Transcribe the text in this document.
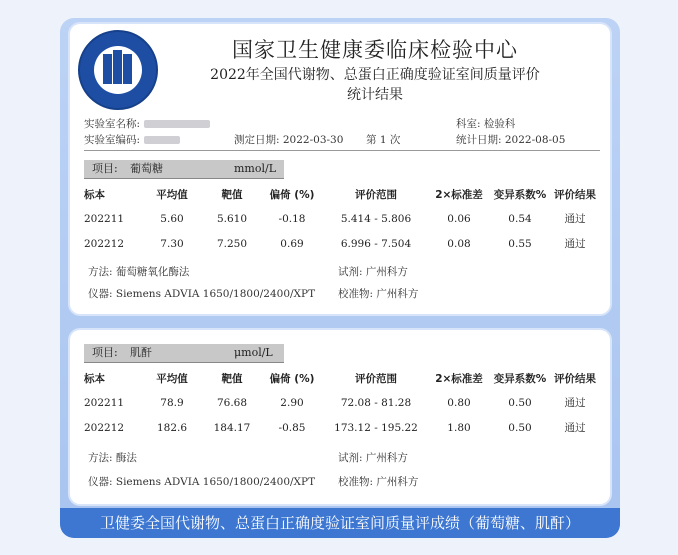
国家卫生健康委临床检验中心
2022年全国代谢物、总蛋白正确度验证室间质量评价
统计结果
实验室名称:	科室: 检验科
实验室编码:	测定日期: 2022-03-30 第 1 次	统计日期: 2022-08-05
项目: 葡萄糖	mmol/L
标本	平均值	靶值	偏倚 (%)	评价范围	2×标准差	变异系数%	评价结果
202211	5.60	5.610	-0.18	5.414 - 5.806	0.06	0.54	通过
202212	7.30	7.250	0.69	6.996 - 7.504	0.08	0.55	通过
方法: 葡萄糖氧化酶法	试剂: 广州科方
仪器: Siemens ADVIA 1650/1800/2400/XPT 校准物: 广州科方
项目: 肌酐	μmol/L
标本	平均值	靶值	偏倚 (%)	评价范围	2×标准差	变异系数%	评价结果
202211	78.9	76.68	2.90	72.08 - 81.28	0.80	0.50	通过
202212	182.6	184.17	-0.85	173.12 - 195.22	1.80	0.50	通过
方法: 酶法	试剂: 广州科方
仪器: Siemens ADVIA 1650/1800/2400/XPT 校准物: 广州科方
卫健委全国代谢物、总蛋白正确度验证室间质量评成绩（葡萄糖、肌酐）
